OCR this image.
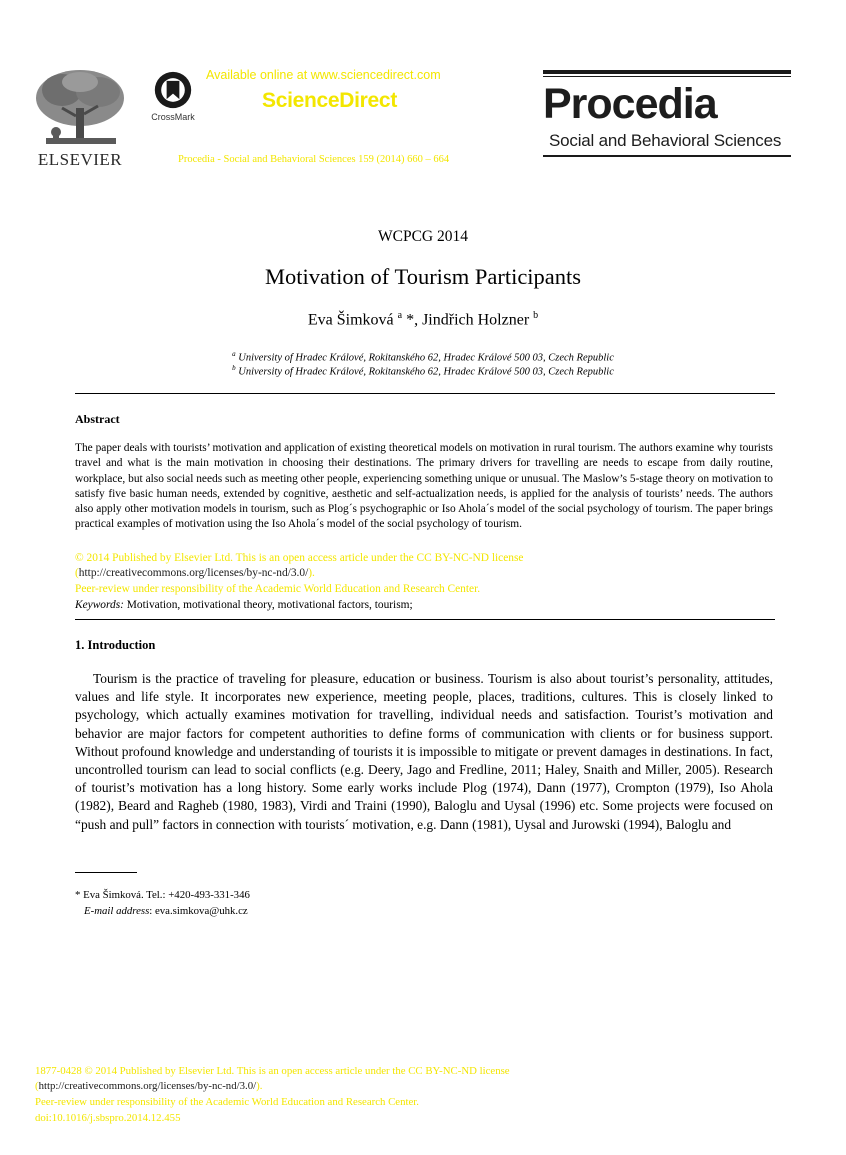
ELSEVIER
CrossMark
Available online at www.sciencedirect.com
ScienceDirect
Procedia - Social and Behavioral Sciences 159 (2014) 660 – 664
Procedia
Social and Behavioral Sciences
WCPCG 2014
Motivation of Tourism Participants
Eva Šimková $^a$ *, Jindřich Holzner $^b$
$^a$ University of Hradec Králové, Rokitanského 62, Hradec Králové 500 03, Czech Republic
$^b$ University of Hradec Králové, Rokitanského 62, Hradec Králové 500 03, Czech Republic
Abstract
The paper deals with tourists’ motivation and application of existing theoretical models on motivation in rural tourism. The authors examine why tourists travel and what is the main motivation in choosing their destinations. The primary drivers for travelling are needs to escape from daily routine, workplace, but also social needs such as meeting other people, experiencing something unique or unusual. The Maslow’s 5-stage theory on motivation to satisfy five basic human needs, extended by cognitive, aesthetic and self-actualization needs, is applied for the analysis of tourists’ needs. The authors also apply other motivation models in tourism, such as Plog´s psychographic or Iso Ahola´s model of the social psychology of tourism. The paper brings practical examples of motivation using the Iso Ahola´s model of the social psychology of tourism.
© 2014 Published by Elsevier Ltd. This is an open access article under the CC BY-NC-ND license
(http://creativecommons.org/licenses/by-nc-nd/3.0/).
Peer-review under responsibility of the Academic World Education and Research Center.
Keywords: Motivation, motivational theory, motivational factors, tourism;
1. Introduction
Tourism is the practice of traveling for pleasure, education or business. Tourism is also about tourist’s personality, attitudes, values and life style. It incorporates new experience, meeting people, places, traditions, cultures. This is closely linked to psychology, which actually examines motivation for travelling, individual needs and satisfaction. Tourist’s motivation and behavior are major factors for competent authorities to define forms of communication with clients or for business support. Without profound knowledge and understanding of tourists it is impossible to mitigate or prevent damages in destinations. In fact, uncontrolled tourism can lead to social conflicts (e.g. Deery, Jago and Fredline, 2011; Haley, Snaith and Miller, 2005). Research of tourist’s motivation has a long history. Some early works include Plog (1974), Dann (1977), Crompton (1979), Iso Ahola (1982), Beard and Ragheb (1980, 1983), Virdi and Traini (1990), Baloglu and Uysal (1996) etc. Some projects were focused on “push and pull” factors in connection with tourists´ motivation, e.g. Dann (1981), Uysal and Jurowski (1994), Baloglu and
* Eva Šimková. Tel.: +420-493-331-346
E-mail address: eva.simkova@uhk.cz
1877-0428 © 2014 Published by Elsevier Ltd. This is an open access article under the CC BY-NC-ND license
(http://creativecommons.org/licenses/by-nc-nd/3.0/).
Peer-review under responsibility of the Academic World Education and Research Center.
doi:10.1016/j.sbspro.2014.12.455
